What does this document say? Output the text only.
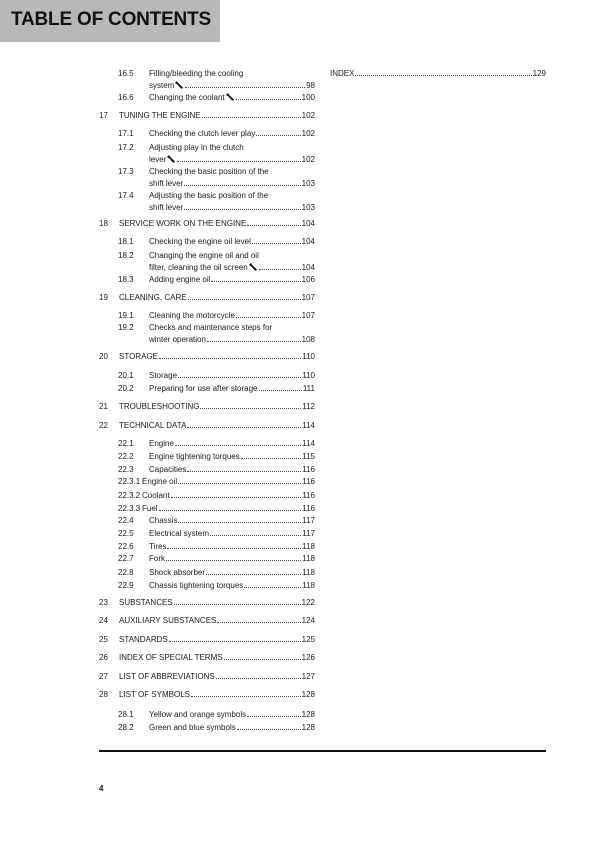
TABLE OF CONTENTS
16.5 Filling/bleeding the cooling
system	98
16.6 Changing the coolant	100
17 TUNING THE ENGINE	102
17.1 Checking the clutch lever play	102
17.2 Adjusting play in the clutch
lever	102
17.3 Checking the basic position of the
shift lever	103
17.4 Adjusting the basic position of the
shift lever	103
18 SERVICE WORK ON THE ENGINE	104
18.1 Checking the engine oil level	104
18.2 Changing the engine oil and oil
filter, cleaning the oil screen	104
18.3 Adding engine oil	106
19 CLEANING, CARE	107
19.1 Cleaning the motorcycle	107
19.2 Checks and maintenance steps for
winter operation	108
20 STORAGE	110
20.1 Storage	110
20.2 Preparing for use after storage	111
21 TROUBLESHOOTING	112
22 TECHNICAL DATA	114
22.1 Engine	114
22.2 Engine tightening torques	115
22.3 Capacities	116
22.3.1 Engine oil	116
22.3.2 Coolant	116
22.3.3 Fuel	116
22.4 Chassis	117
22.5 Electrical system	117
22.6 Tires	118
22.7 Fork	118
22.8 Shock absorber	118
22.9 Chassis tightening torques	118
23 SUBSTANCES	122
24 AUXILIARY SUBSTANCES	124
25 STANDARDS	125
26 INDEX OF SPECIAL TERMS	126
27 LIST OF ABBREVIATIONS	127
28 LIST OF SYMBOLS	128
28.1 Yellow and orange symbols	128
28.2 Green and blue symbols	128
INDEX	129
4
